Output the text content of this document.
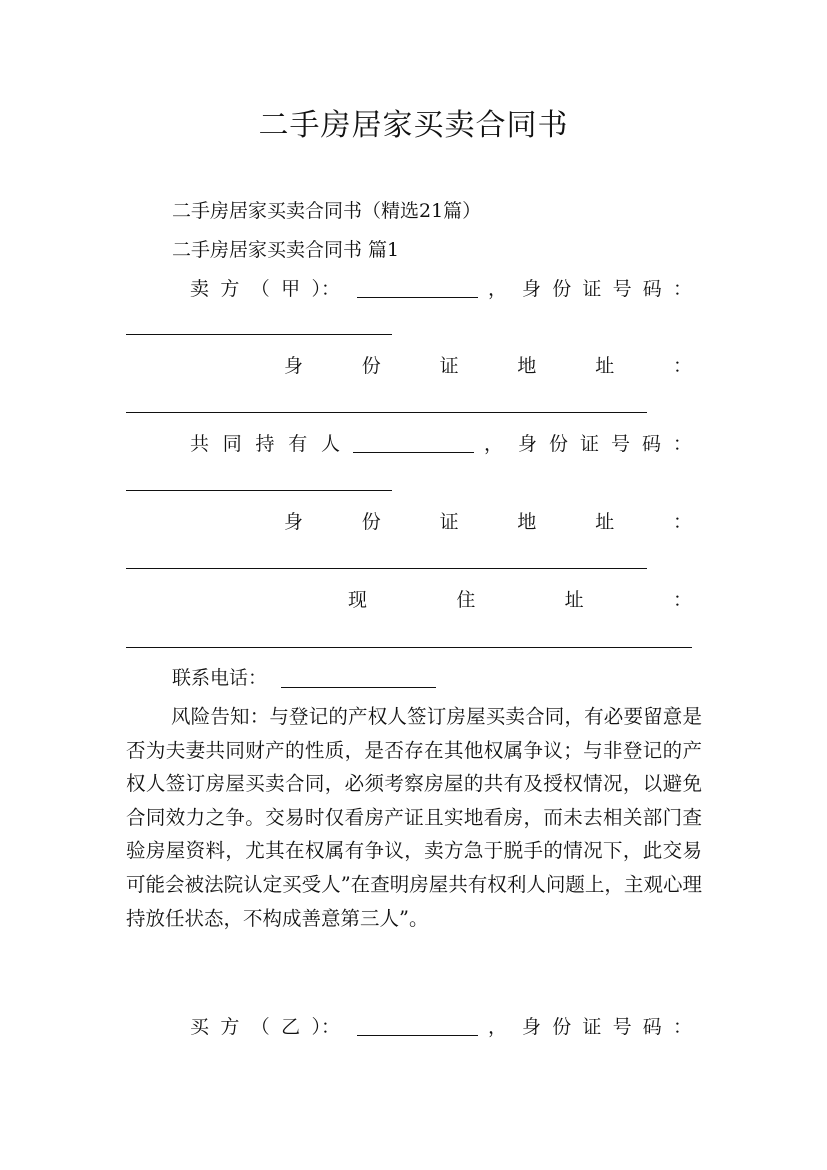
二手房居家买卖合同书
二手房居家买卖合同书（精选21篇）
二手房居家买卖合同书 篇1
卖 方 （ 甲 ）：	， 身 份 证 号 码 ：
身	份	证	地	址	：
共 同 持 有 人	， 身 份 证 号 码 ：
身	份	证	地	址	：
现	住	址	：
联系电话：
风险告知：与登记的产权人签订房屋买卖合同，有必要留意是否为夫妻共同财产的性质，是否存在其他权属争议；与非登记的产权人签订房屋买卖合同，必须考察房屋的共有及授权情况，以避免合同效力之争。交易时仅看房产证且实地看房，而未去相关部门查验房屋资料，尤其在权属有争议，卖方急于脱手的情况下，此交易可能会被法院认定买受人”在查明房屋共有权利人问题上，主观心理持放任状态，不构成善意第三人”。
买 方 （ 乙 ）：	， 身 份 证 号 码 ：
